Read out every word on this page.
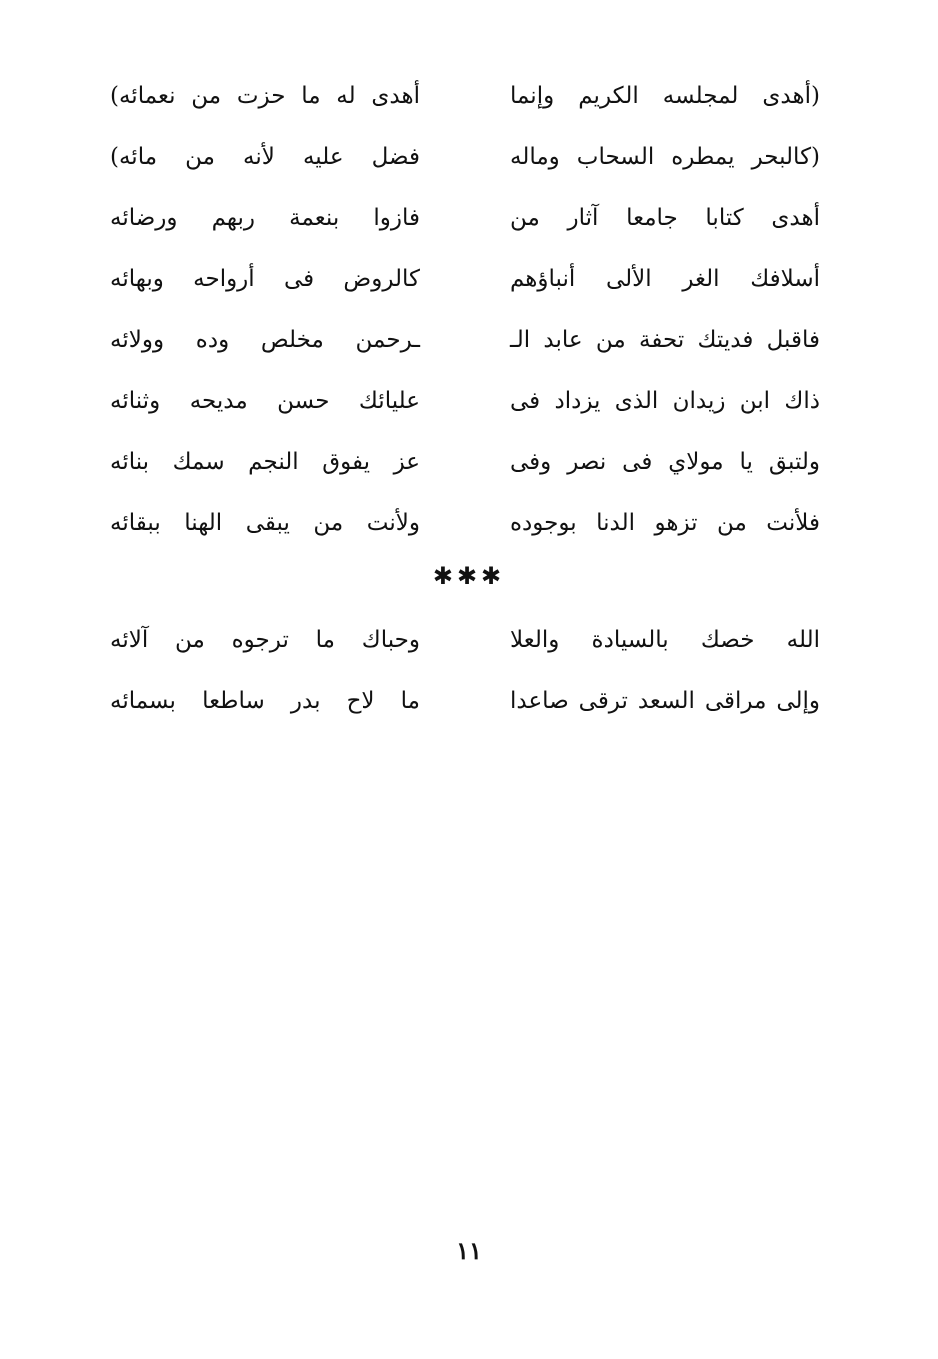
(أهدى لمجلسه الكريم وإنما
أهدى له ما حزت من نعمائه)
(كالبحر يمطره السحاب وماله
فضل عليه لأنه من مائه)
أهدى كتابا جامعا آثار من
فازوا بنعمة ربهم ورضائه
أسلافك الغر الألى أنباؤهم
كالروض فى أرواحه وبهائه
فاقبل فديتك تحفة من عابد الـ
ـرحمن مخلص وده وولائه
ذاك ابن زيدان الذى يزداد فى
عليائك حسن مديحه وثنائه
ولتبق يا مولاي فى نصر وفى
عز يفوق النجم سمك بنائه
فلأنت من تزهو الدنا بوجوده
ولأنت من يبقى الهنا ببقائه
✱✱✱
الله خصك بالسيادة والعلا
وحباك ما ترجوه من آلائه
وإلى مراقى السعد ترقى صاعدا
ما لاح بدر ساطعا بسمائه
١١
